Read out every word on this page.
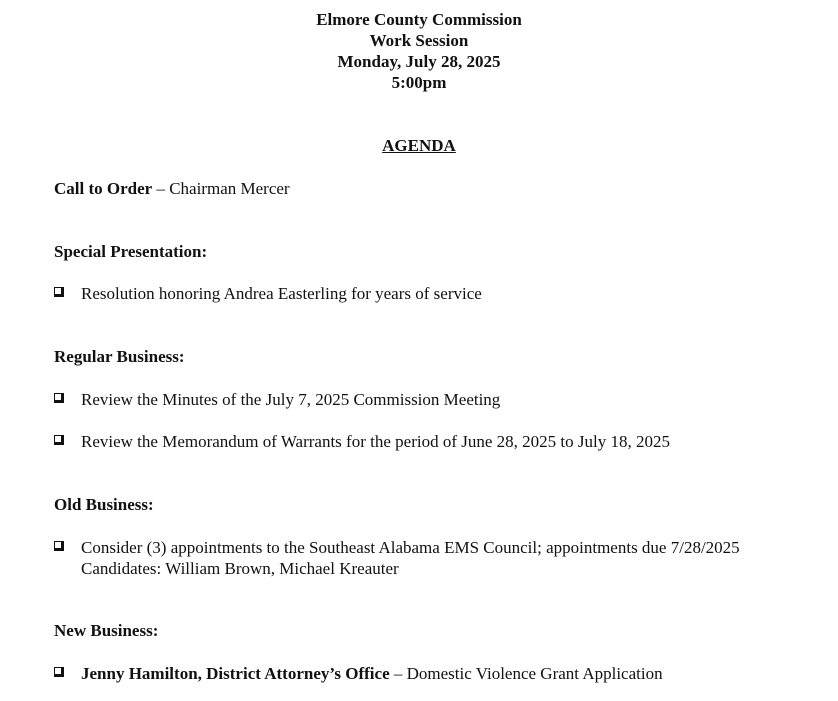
Elmore County Commission
Work Session
Monday, July 28, 2025
5:00pm
AGENDA
Call to Order – Chairman Mercer
Special Presentation:
Resolution honoring Andrea Easterling for years of service
Regular Business:
Review the Minutes of the July 7, 2025 Commission Meeting
Review the Memorandum of Warrants for the period of June 28, 2025 to July 18, 2025
Old Business:
Consider (3) appointments to the Southeast Alabama EMS Council; appointments due 7/28/2025
Candidates: William Brown, Michael Kreauter
New Business:
Jenny Hamilton, District Attorney’s Office – Domestic Violence Grant Application
